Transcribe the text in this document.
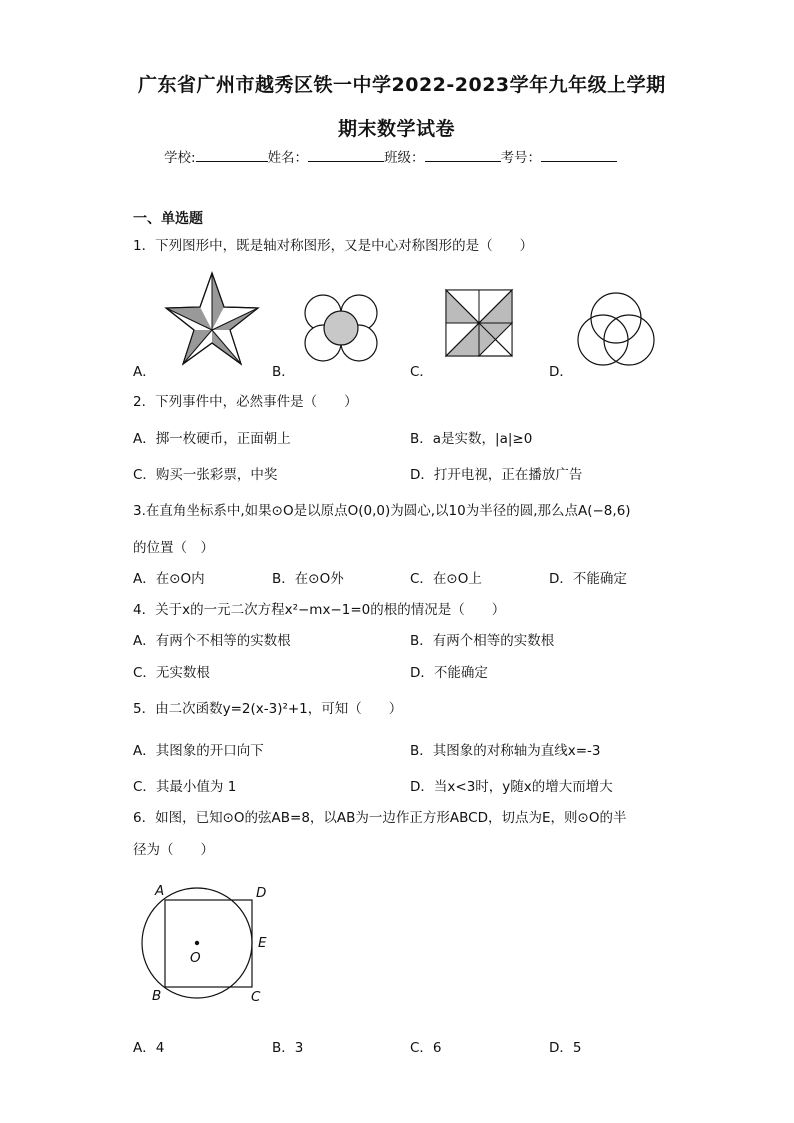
广东省广州市越秀区铁一中学2022-2023学年九年级上学期
期末数学试卷
学校:	姓名：	班级：	考号：
一、单选题
1．下列图形中，既是轴对称图形，又是中心对称图形的是（　　）
A．	B．	C．	D．
2．下列事件中，必然事件是（　　）
A．掷一枚硬币，正面朝上	B．a是实数，|a|≥0
C．购买一张彩票，中奖	D．打开电视，正在播放广告
3.在直角坐标系中,如果⊙O是以原点O(0,0)为圆心,以10为半径的圆,那么点A(−8,6)
的位置（　）
A．在⊙O内	B．在⊙O外	C．在⊙O上	D．不能确定
4．关于x的一元二次方程x²−mx−1=0的根的情况是（　　）
A．有两个不相等的实数根	B．有两个相等的实数根
C．无实数根	D．不能确定
5．由二次函数y=2(x-3)²+1，可知（　　）
A．其图象的开口向下	B．其图象的对称轴为直线x=-3
C．其最小值为 1	D．当x<3时，y随x的增大而增大
6．如图，已知⊙O的弦AB=8，以AB为一边作正方形ABCD，切点为E，则⊙O的半
径为（　　）
A	D
E
O
B	C
A．4	B．3	C．6	D．5
